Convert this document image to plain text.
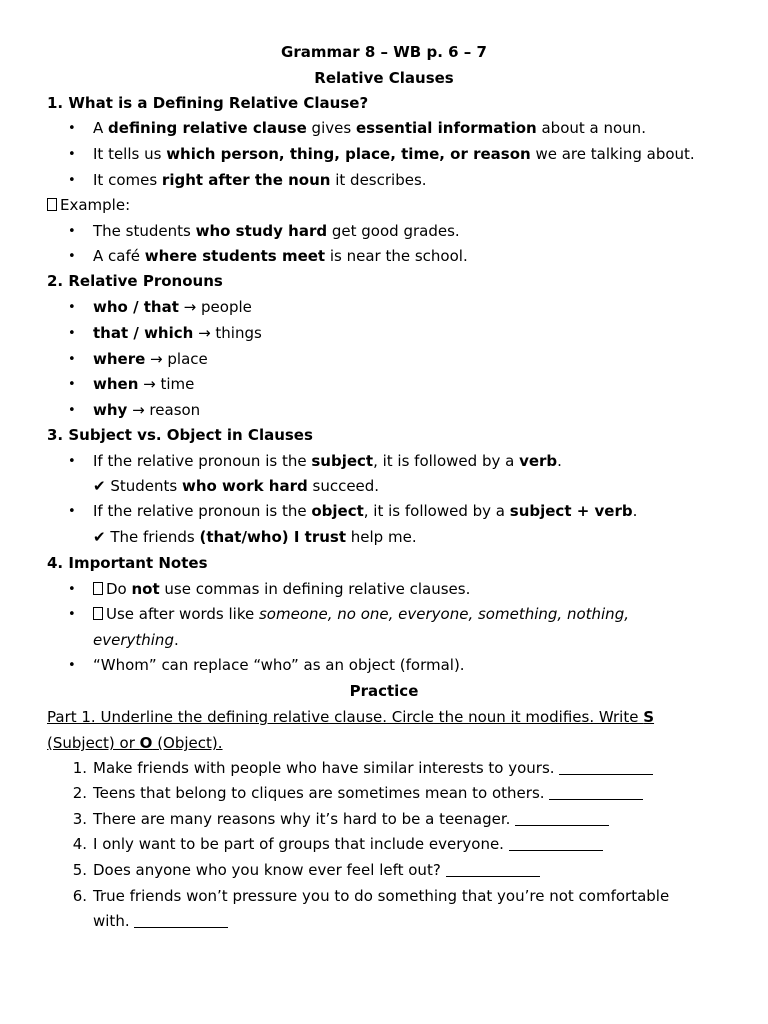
Grammar 8 – WB p. 6 – 7
Relative Clauses
1. What is a Defining Relative Clause?
• A defining relative clause gives essential information about a noun.
• It tells us which person, thing, place, time, or reason we are talking about.
• It comes right after the noun it describes.
Example:
• The students who study hard get good grades.
• A café where students meet is near the school.
2. Relative Pronouns
• who / that → people
• that / which → things
• where → place
• when → time
• why → reason
3. Subject vs. Object in Clauses
• If the relative pronoun is the subject, it is followed by a verb.
✔ Students who work hard succeed.
• If the relative pronoun is the object, it is followed by a subject + verb.
✔ The friends (that/who) I trust help me.
4. Important Notes
•	Do not use commas in defining relative clauses.
•	Use after words like someone, no one, everyone, something, nothing,
everything.
• “Whom” can replace “who” as an object (formal).
Practice
Part 1. Underline the defining relative clause. Circle the noun it modifies. Write S
(Subject) or O (Object).
1. Make friends with people who have similar interests to yours.
2. Teens that belong to cliques are sometimes mean to others.
3. There are many reasons why it’s hard to be a teenager.
4. I only want to be part of groups that include everyone.
5. Does anyone who you know ever feel left out?
6. True friends won’t pressure you to do something that you’re not comfortable
with.
